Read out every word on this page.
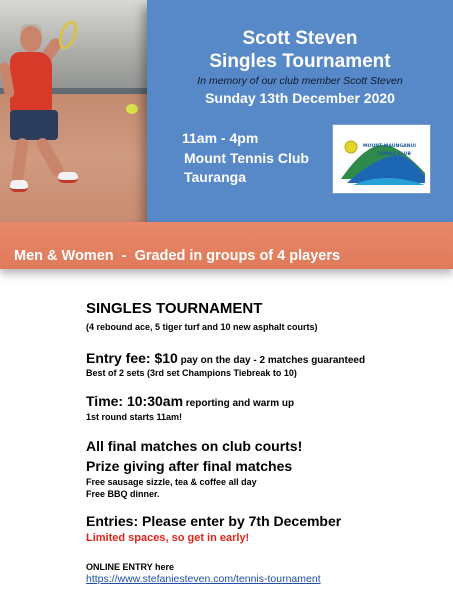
Scott Steven
Singles Tournament
In memory of our club member Scott Steven
Sunday 13th December 2020
11am - 4pm
Mount Tennis Club
Tauranga
MOUNT MAUNGANUI
TENNIS CLUB
Men & Women  -  Graded in groups of 4 players
SINGLES TOURNAMENT
(4 rebound ace, 5 tiger turf and 10 new asphalt courts)
Entry fee: $10 pay on the day - 2 matches guaranteed
Best of 2 sets (3rd set Champions Tiebreak to 10)
Time: 10:30am reporting and warm up
1st round starts 11am!
All final matches on club courts!
Prize giving after final matches
Free sausage sizzle, tea & coffee all day
Free BBQ dinner.
Entries: Please enter by 7th December
Limited spaces, so get in early!
ONLINE ENTRY here
https://www.stefaniesteven.com/tennis-tournament
